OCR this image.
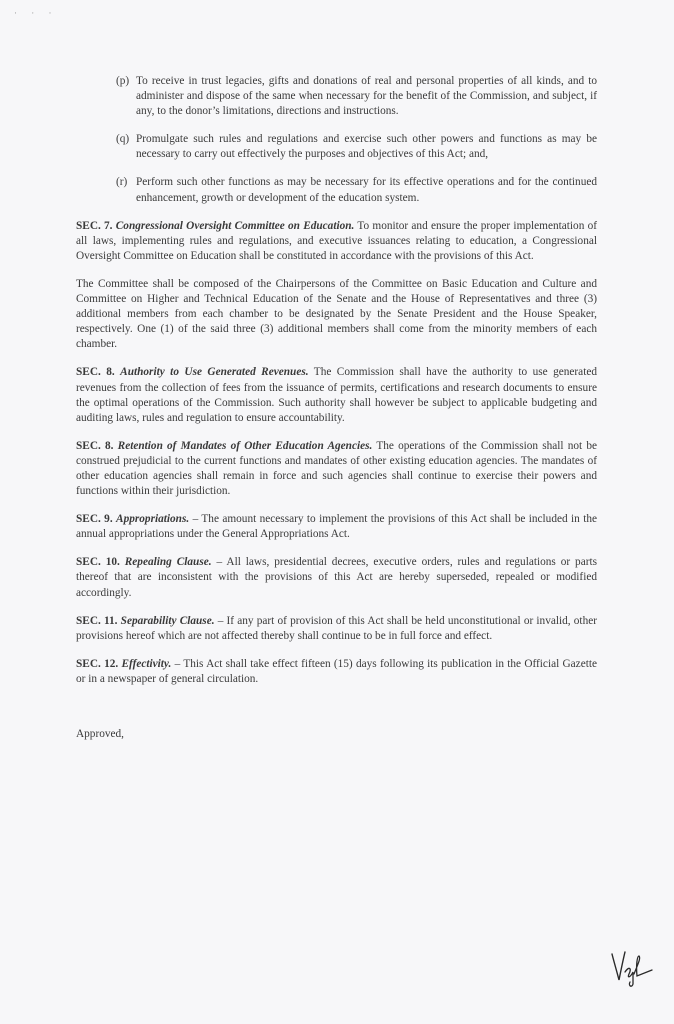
· · ·
(p) To receive in trust legacies, gifts and donations of real and personal properties of all kinds, and to administer and dispose of the same when necessary for the benefit of the Commission, and subject, if any, to the donor’s limitations, directions and instructions.
(q) Promulgate such rules and regulations and exercise such other powers and functions as may be necessary to carry out effectively the purposes and objectives of this Act; and,
(r) Perform such other functions as may be necessary for its effective operations and for the continued enhancement, growth or development of the education system.
SEC. 7. Congressional Oversight Committee on Education. To monitor and ensure the proper implementation of all laws, implementing rules and regulations, and executive issuances relating to education, a Congressional Oversight Committee on Education shall be constituted in accordance with the provisions of this Act.
The Committee shall be composed of the Chairpersons of the Committee on Basic Education and Culture and Committee on Higher and Technical Education of the Senate and the House of Representatives and three (3) additional members from each chamber to be designated by the Senate President and the House Speaker, respectively. One (1) of the said three (3) additional members shall come from the minority members of each chamber.
SEC. 8. Authority to Use Generated Revenues. The Commission shall have the authority to use generated revenues from the collection of fees from the issuance of permits, certifications and research documents to ensure the optimal operations of the Commission. Such authority shall however be subject to applicable budgeting and auditing laws, rules and regulation to ensure accountability.
SEC. 8. Retention of Mandates of Other Education Agencies. The operations of the Commission shall not be construed prejudicial to the current functions and mandates of other existing education agencies. The mandates of other education agencies shall remain in force and such agencies shall continue to exercise their powers and functions within their jurisdiction.
SEC. 9. Appropriations. – The amount necessary to implement the provisions of this Act shall be included in the annual appropriations under the General Appropriations Act.
SEC. 10. Repealing Clause. – All laws, presidential decrees, executive orders, rules and regulations or parts thereof that are inconsistent with the provisions of this Act are hereby superseded, repealed or modified accordingly.
SEC. 11. Separability Clause. – If any part of provision of this Act shall be held unconstitutional or invalid, other provisions hereof which are not affected thereby shall continue to be in full force and effect.
SEC. 12. Effectivity. – This Act shall take effect fifteen (15) days following its publication in the Official Gazette or in a newspaper of general circulation.
Approved,
